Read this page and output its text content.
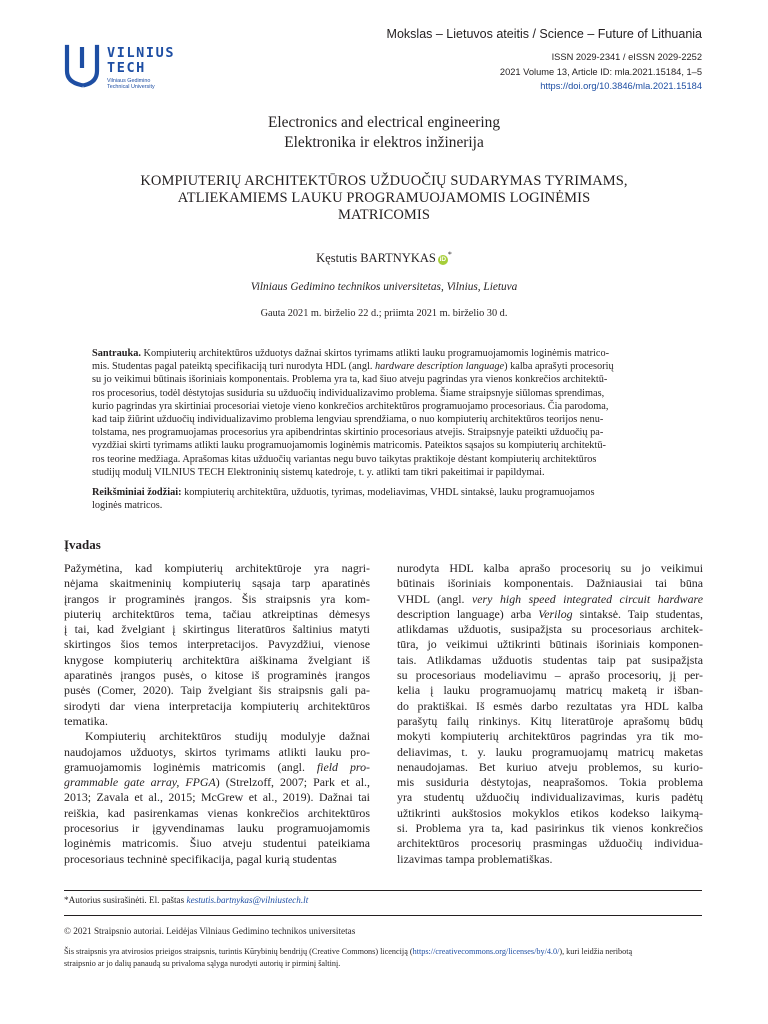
VILNIUS
TECH
Vilniaus Gedimino
Technical University
Mokslas – Lietuvos ateitis / Science – Future of Lithuania
ISSN 2029-2341 / eISSN 2029-2252
2021 Volume 13, Article ID: mla.2021.15184, 1–5
https://doi.org/10.3846/mla.2021.15184
Electronics and electrical engineering
Elektronika ir elektros inžinerija
KOMPIUTERIŲ ARCHITEKTŪROS UŽDUOČIŲ SUDARYMAS TYRIMAMS,
ATLIEKAMIEMS LAUKU PROGRAMUOJAMOMIS LOGINĖMIS
MATRICOMIS
Kęstutis BARTNYKAS iD*
Vilniaus Gedimino technikos universitetas, Vilnius, Lietuva
Gauta 2021 m. birželio 22 d.; priimta 2021 m. birželio 30 d.
Santrauka. Kompiuterių architektūros užduotys dažnai skirtos tyrimams atlikti lauku programuojamomis loginėmis matrico-
mis. Studentas pagal pateiktą specifikaciją turi nurodyta HDL (angl. hardware description language) kalba aprašyti procesorių
su jo veikimui būtinais išoriniais komponentais. Problema yra ta, kad šiuo atveju pagrindas yra vienos konkrečios architektū-
ros procesorius, todėl dėstytojas susiduria su užduočių individualizavimo problema. Šiame straipsnyje siūlomas sprendimas,
kurio pagrindas yra skirtiniai procesoriai vietoje vieno konkrečios architektūros programuojamo procesoriaus. Čia parodoma,
kad taip žiūrint užduočių individualizavimo problema lengviau sprendžiama, o nuo kompiuterių architektūros teorijos nenu-
tolstama, nes programuojamas procesorius yra apibendrintas skirtinio procesoriaus atvejis. Straipsnyje pateikti užduočių pa-
vyzdžiai skirti tyrimams atlikti lauku programuojamomis loginėmis matricomis. Pateiktos sąsajos su kompiuterių architektū-
ros teorine medžiaga. Aprašomas kitas užduočių variantas negu buvo taikytas praktikoje dėstant kompiuterių architektūros
studijų modulį VILNIUS TECH Elektroninių sistemų katedroje, t. y. atlikti tam tikri pakeitimai ir papildymai.
Reikšminiai žodžiai: kompiuterių architektūra, užduotis, tyrimas, modeliavimas, VHDL sintaksė, lauku programuojamos
loginės matricos.
Įvadas
Pažymėtina, kad kompiuterių architektūroje yra nagri-
nėjama skaitmeninių kompiuterių sąsaja tarp aparatinės
įrangos ir programinės įrangos. Šis straipsnis yra kom-
piuterių architektūros tema, tačiau atkreiptinas dėmesys
į tai, kad žvelgiant į skirtingus literatūros šaltinius matyti
skirtingos šios temos interpretacijos. Pavyzdžiui, vienose
knygose kompiuterių architektūra aiškinama žvelgiant iš
aparatinės įrangos pusės, o kitose iš programinės įrangos
pusės (Comer, 2020). Taip žvelgiant šis straipsnis gali pa-
sirodyti dar viena interpretacija kompiuterių architektūros
tematika.
Kompiuterių architektūros studijų modulyje dažnai
naudojamos užduotys, skirtos tyrimams atlikti lauku pro-
gramuojamomis loginėmis matricomis (angl. field pro-
grammable gate array, FPGA) (Strelzoff, 2007; Park et al.,
2013; Zavala et al., 2015; McGrew et al., 2019). Dažnai tai
reiškia, kad pasirenkamas vienas konkrečios architektūros
procesorius ir įgyvendinamas lauku programuojamomis
loginėmis matricomis. Šiuo atveju studentui pateikiama
procesoriaus techninė specifikacija, pagal kurią studentas
nurodyta HDL kalba aprašo procesorių su jo veikimui
būtinais išoriniais komponentais. Dažniausiai tai būna
VHDL (angl. very high speed integrated circuit hardware
description language) arba Verilog sintaksė. Taip studentas,
atlikdamas užduotis, susipažįsta su procesoriaus architek-
tūra, jo veikimui užtikrinti būtinais išoriniais komponen-
tais. Atlikdamas užduotis studentas taip pat susipažįsta
su procesoriaus modeliavimu – aprašo procesorių, jį per-
kelia į lauku programuojamų matricų maketą ir išban-
do praktiškai. Iš esmės darbo rezultatas yra HDL kalba
parašytų failų rinkinys. Kitų literatūroje aprašomų būdų
mokyti kompiuterių architektūros pagrindas yra tik mo-
deliavimas, t. y. lauku programuojamų matricų maketas
nenaudojamas. Bet kuriuo atveju problemos, su kurio-
mis susiduria dėstytojas, neaprašomos. Tokia problema
yra studentų užduočių individualizavimas, kuris padėtų
užtikrinti aukštosios mokyklos etikos kodekso laikymą-
si. Problema yra ta, kad pasirinkus tik vienos konkrečios
architektūros procesorių prasmingas užduočių individua-
lizavimas tampa problematiškas.
*Autorius susirašinėti. El. paštas kestutis.bartnykas@vilniustech.lt
© 2021 Straipsnio autoriai. Leidėjas Vilniaus Gedimino technikos universitetas
Šis straipsnis yra atvirosios prieigos straipsnis, turintis Kūrybinių bendrijų (Creative Commons) licenciją (https://creativecommons.org/licenses/by/4.0/), kuri leidžia neribotą
straipsnio ar jo dalių panaudą su privaloma sąlyga nurodyti autorių ir pirminį šaltinį.
